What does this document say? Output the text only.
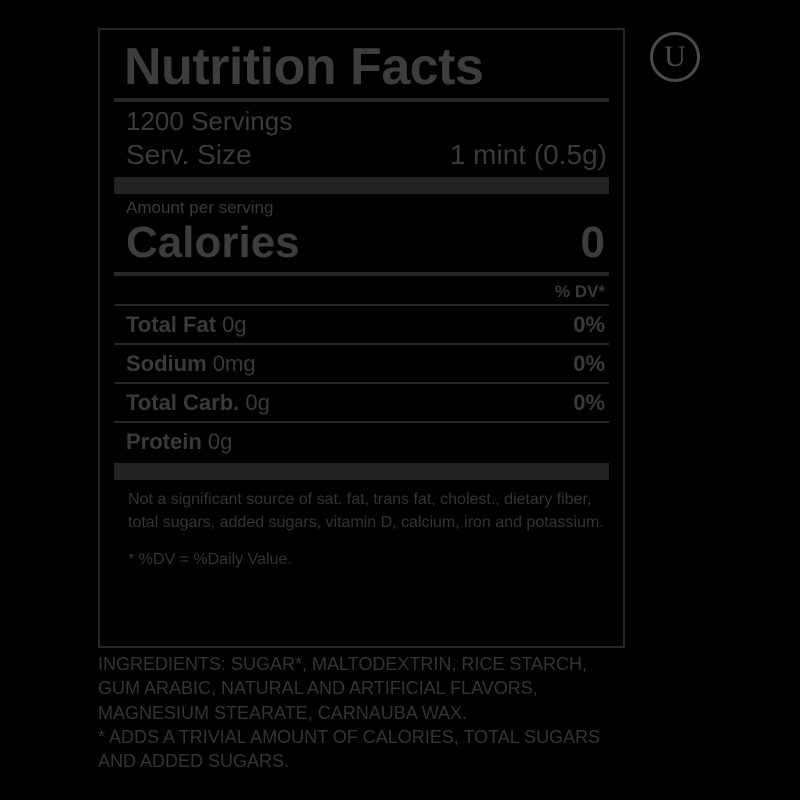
U
Nutrition Facts
1200 Servings
Serv. Size	1 mint (0.5g)
Amount per serving
Calories	0
% DV*
Total Fat 0g	0%
Sodium 0mg	0%
Total Carb. 0g	0%
Protein 0g
Not a significant source of sat. fat, trans fat, cholest., dietary fiber, total sugars, added sugars, vitamin D, calcium, iron and potassium.
* %DV = %Daily Value.

INGREDIENTS: SUGAR*, MALTODEXTRIN, RICE STARCH,

GUM ARABIC, NATURAL AND ARTIFICIAL FLAVORS,

MAGNESIUM STEARATE, CARNAUBA WAX.

* ADDS A TRIVIAL AMOUNT OF CALORIES, TOTAL SUGARS

AND ADDED SUGARS.
